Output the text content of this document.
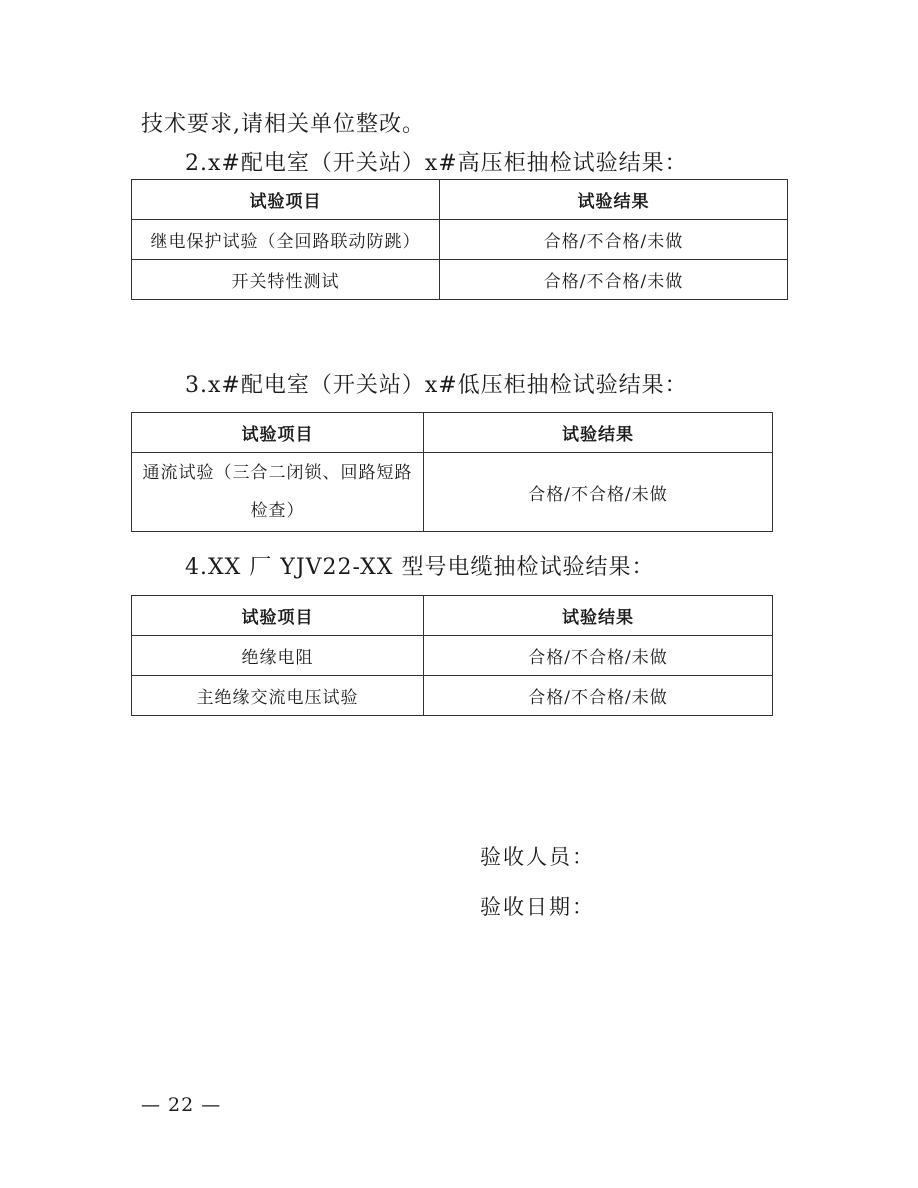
技术要求,请相关单位整改。
2.x#配电室（开关站）x#高压柜抽检试验结果：
试验项目	试验结果
继电保护试验（全回路联动防跳）	合格/不合格/未做
开关特性测试	合格/不合格/未做
3.x#配电室（开关站）x#低压柜抽检试验结果：
试验项目	试验结果
通流试验（三合二闭锁、回路短路检查）	合格/不合格/未做
4.XX 厂 YJV22-XX 型号电缆抽检试验结果：
试验项目	试验结果
绝缘电阻	合格/不合格/未做
主绝缘交流电压试验	合格/不合格/未做
验收人员：
验收日期：
— 22 —
